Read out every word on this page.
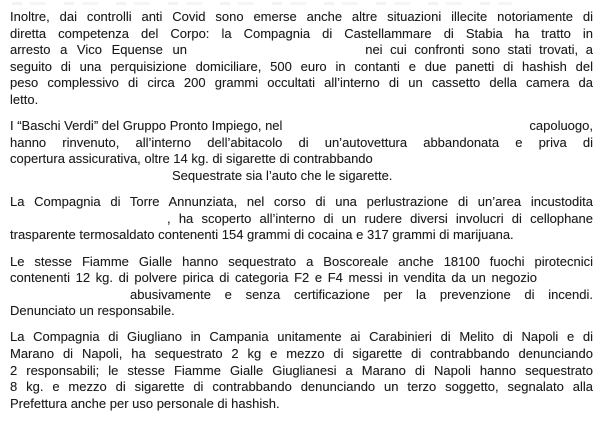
Inoltre, dai controlli anti Covid sono emerse anche altre situazioni illecite notoriamente di
diretta competenza del Corpo: la Compagnia di Castellammare di Stabia ha tratto in
arresto a Vico Equense un	nei cui confronti sono stati trovati, a
seguito di una perquisizione domiciliare, 500 euro in contanti e due panetti di hashish del
peso complessivo di circa 200 grammi occultati all’interno di un cassetto della camera da
letto.
I “Baschi Verdi” del Gruppo Pronto Impiego, nel	capoluogo,
hanno rinvenuto, all’interno dell’abitacolo di un’autovettura abbandonata e priva di
copertura assicurativa, oltre 14 kg. di sigarette di contrabbando
Sequestrate sia l’auto che le sigarette.
La Compagnia di Torre Annunziata, nel corso di una perlustrazione di un’area incustodita
, ha scoperto all’interno di un rudere diversi involucri di cellophane
trasparente termosaldato contenenti 154 grammi di cocaina e 317 grammi di marijuana.
Le stesse Fiamme Gialle hanno sequestrato a Boscoreale anche 18100 fuochi pirotecnici
contenenti 12 kg. di polvere pirica di categoria F2 e F4 messi in vendita da un negozio
abusivamente e senza certificazione per la prevenzione di incendi.
Denunciato un responsabile.
La Compagnia di Giugliano in Campania unitamente ai Carabinieri di Melito di Napoli e di
Marano di Napoli, ha sequestrato 2 kg e mezzo di sigarette di contrabbando denunciando
2 responsabili; le stesse Fiamme Gialle Giuglianesi a Marano di Napoli hanno sequestrato
8 kg. e mezzo di sigarette di contrabbando denunciando un terzo soggetto, segnalato alla
Prefettura anche per uso personale di hashish.
